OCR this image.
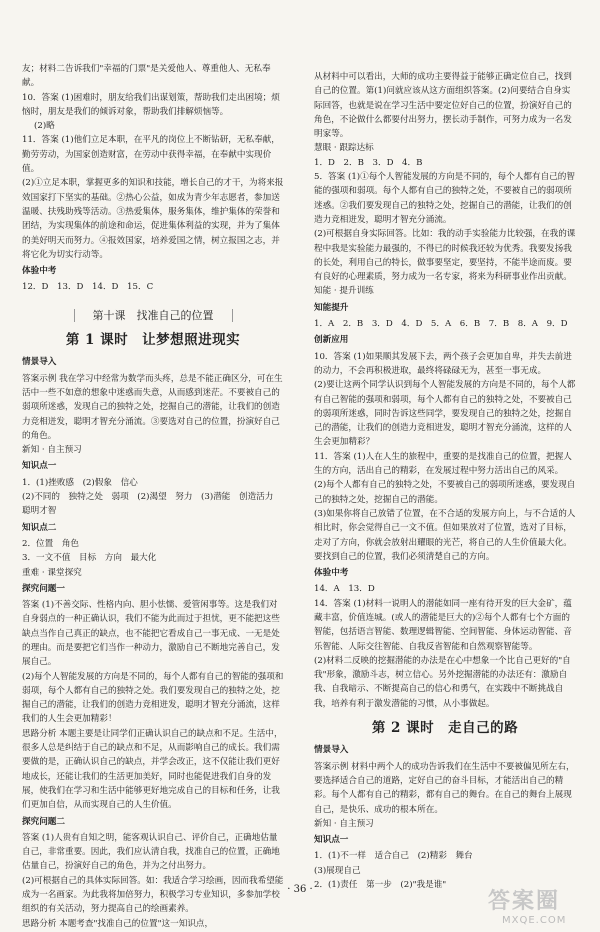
友；材料二告诉我们"幸福的门票"是关爱他人、尊重他人、无私奉献。

10．答案 (1)困难时，朋友给我们出谋划策，帮助我们走出困境；烦恼时，朋友是我们的倾诉对象，帮助我们排解烦恼等。

(2)略

11．答案 (1)他们立足本职，在平凡的岗位上不断钻研，无私奉献，勤劳劳动，为国家创造财富，在劳动中获得幸福，在奉献中实现价值。

(2)①立足本职，掌握更多的知识和技能，增长自己的才干，为将来报效国家打下坚实的基础。②热心公益，如成为青少年志愿者，参加送温暖、扶残助残等活动。③热爱集体，服务集体，维护集体的荣誉和团结，为实现集体的前途和命运，促进集体利益的实现，并为了集体的美好明天而努力。④报效国家，培养爱国之情，树立报国之志，并将它化为切实行动等。

体验中考

12．D　13．D　14．D　15．C

第十课　找准自己的位置
第 1 课时　让梦想照进现实

情景导入

答案示例 我在学习中经常为数学而头疼，总是不能正确区分，可在生活中一些不如意的想象中迷惑而失意，从而感到迷茫。不要被自己的弱项所迷惑，发现自己的独特之处，挖掘自己的潜能，让我们的创造力竞相迸发，聪明才智充分涌流。③要选对自己的位置，扮演好自己的角色。

新知 · 自主预习

知识点一

1．(1)挫败感　(2)假象　信心

(2)不同的　独特之处　弱项　(2)渴望　努力　(3)潜能　创造活力　聪明才智

知识点二

2．位置　角色

3．一文不值　目标　方向　最大化

重难 · 课堂探究

探究问题一

答案 (1)不善交际、性格内向、胆小怯懦、爱管闲事等。这是我们对自身弱点的一种正确认识，我们不能为此而过于担忧，更不能把这些缺点当作自己真正的缺点，也不能把它看成自己一事无成、一无是处的理由。而是要把它们当作一种动力，激励自己不断地完善自己，发展自己。

(2)每个人智能发展的方向是不同的，每个人都有自己的智能的强项和弱项，每个人都有自己的独特之处。我们要发现自己的独特之处，挖掘自己的潜能，让我们的创造力竞相迸发，聪明才智充分涌流，这样我们的人生会更加精彩！

思路分析 本题主要是让同学们正确认识自己的缺点和不足。生活中，很多人总是纠结于自己的缺点和不足，从而影响自己的成长。我们需要做的是，正确认识自己的缺点，并学会改正，这不仅能让我们更好地成长，还能让我们的生活更加美好，同时也能促进我们自身的发展，使我们在学习和生活中能够更好地完成自己的目标和任务，让我们更加自信，从而实现自己的人生价值。

探究问题二

答案 (1)人贵有自知之明，能客观认识自己、评价自己，正确地估量自己，非常重要。因此，我们应认清自我，找准自己的位置，正确地估量自己，扮演好自己的角色，并为之付出努力。

(2)可根据自己的具体实际回答。如：我适合学习绘画，因而我希望能成为一名画家。为此我将加倍努力，积极学习专业知识，多参加学校组织的有关活动，努力提高自己的绘画素养。

思路分析 本题考查"找准自己的位置"这一知识点，

从材料中可以看出，大师的成功主要得益于能够正确定位自己，找到自己的位置。第(1)问就应该从这方面组织答案。(2)问要结合自身实际回答，也就是说在学习生活中要定位好自己的位置，扮演好自己的角色，不论做什么都要付出努力，摆长动手制作，可努力成为一名发明家等。

慧眼 · 跟踪达标

1．D　2．B　3．D　4．B

5．答案 (1)①每个人智能发展的方向是不同的，每个人都有自己的智能的强项和弱项。每个人都有自己的独特之处，不要被自己的弱项所迷惑。②我们要发现自己的独特之处，挖掘自己的潜能，让我们的创造力竞相迸发，聪明才智充分涌流。

(2)可根据自身实际回答。比如：我的动手实验能力比较强，在我的课程中我是实验能力最强的，不得已的时候我还较为优秀。我要发扬我的长处，利用自己的特长，做事要坚定，要坚持，不能半途而废。要有良好的心理素质，努力成为一名专家，将来为科研事业作出贡献。

知能 · 提升训练

知能提升

1．A　2．B　3．D　4．D　5．A　6．B　7．B　8．A　9．D

创新应用

10．答案 (1)如果顺其发展下去，两个孩子会更加自卑，并失去前进的动力，不会再积极进取，最终将碌碌无为，甚至一事无成。

(2)要让这两个同学认识到每个人智能发展的方向是不同的，每个人都有自己智能的强项和弱项，每个人都有自己的独特之处，不要被自己的弱项所迷惑，同时告诉这些同学，要发现自己的独特之处，挖掘自己的潜能，让我们的创造力竞相迸发，聪明才智充分涌流，这样的人生会更加精彩？

11．答案 (1)人在人生的旅程中，重要的是找准自己的位置，把握人生的方向，活出自己的精彩，在发展过程中努力活出自己的风采。

(2)每个人都有自己的独特之处，不要被自己的弱项所迷惑，要发现自己的独特之处，挖掘自己的潜能。

(3)如果你将自己放错了位置，在不合适的发展方向上，与不合适的人相比时，你会觉得自己一文不值。但如果放对了位置，选对了目标，走对了方向，你就会放射出耀眼的光芒，将自己的人生价值最大化。要找到自己的位置，我们必须清楚自己的方向。

体验中考

14．A　13．D

14．答案 (1)材料一说明人的潜能如同一座有待开发的巨大金矿，蕴藏丰富，价值连城。(或人的潜能是巨大的)②每个人都有七个方面的智能，包括语言智能、数理逻辑智能、空间智能、身体运动智能、音乐智能、人际交往智能、自我反省智能和自然观察智能等。

(2)材料二反映的挖掘潜能的办法是在心中想象一个比自己更好的"自我"形象，激励斗志，树立信心。另外挖掘潜能的办法还有：激励自我、自我暗示、不断提高自己的信心和勇气，在实践中不断挑战自我，培养有利于激发潜能的习惯，从小事做起。

第 2 课时　走自己的路

情景导入

答案示例 材料中两个人的成功告诉我们在生活中不要被偏见所左右，要选择适合自己的道路，定好自己的奋斗目标，才能活出自己的精彩。每个人都有自己的精彩，都有自己的舞台。在自己的舞台上展现自己，是快乐、成功的根本所在。

新知 · 自主预习

知识点一

1．(1)不一样　适合自己　(2)精彩　舞台

(3)展现自己

2．(1)责任　第一步　(2)"我是谁"

· 36 ·	答案圈
MXQE.COM
